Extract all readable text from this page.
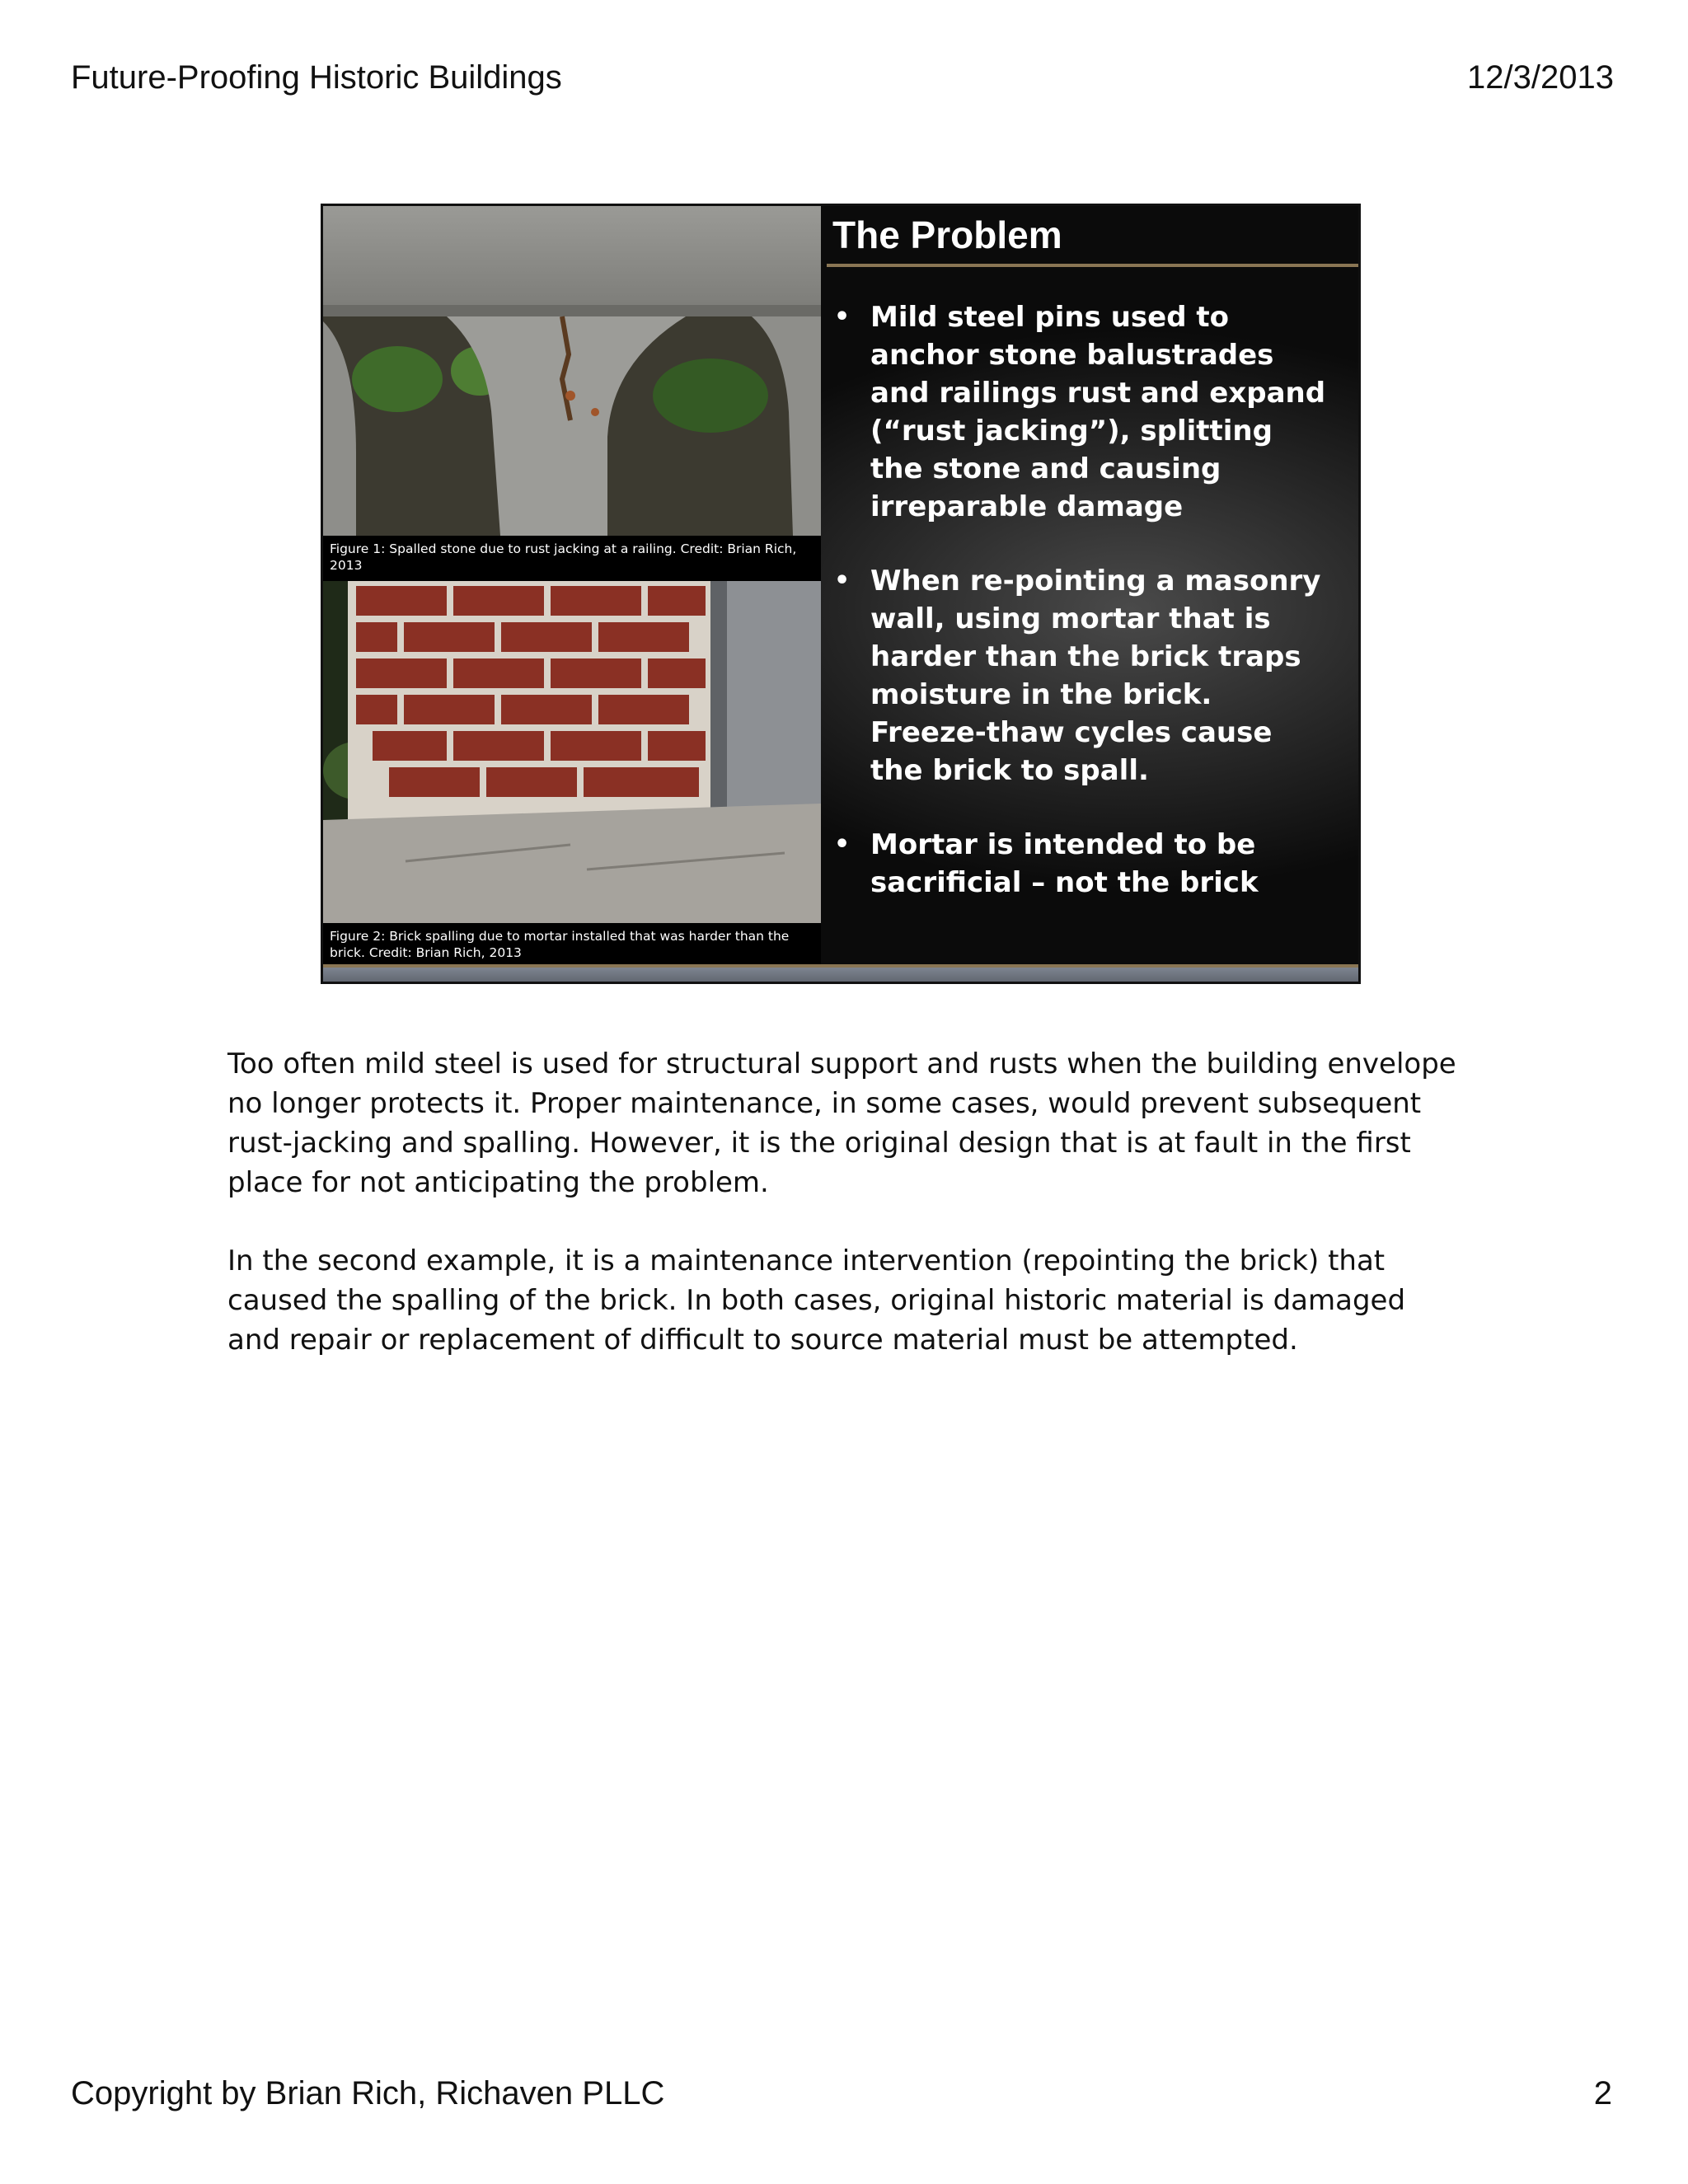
Future-Proofing Historic Buildings	12/3/2013
Figure 1: Spalled stone due to rust jacking at a railing. Credit: Brian Rich, 2013
Figure 2: Brick spalling due to mortar installed that was harder than the brick. Credit: Brian Rich, 2013
The Problem
• Mild steel pins used to anchor stone balustrades and railings rust and expand (“rust jacking”), splitting the stone and causing irreparable damage
• When re-pointing a masonry wall, using mortar that is harder than the brick traps moisture in the brick. Freeze-thaw cycles cause the brick to spall.
• Mortar is intended to be sacrificial – not the brick
Too often mild steel is used for structural support and rusts when the building envelope no longer protects it. Proper maintenance, in some cases, would prevent subsequent rust-jacking and spalling. However, it is the original design that is at fault in the first place for not anticipating the problem.
In the second example, it is a maintenance intervention (repointing the brick) that caused the spalling of the brick. In both cases, original historic material is damaged and repair or replacement of difficult to source material must be attempted.
Copyright by Brian Rich, Richaven PLLC	2
